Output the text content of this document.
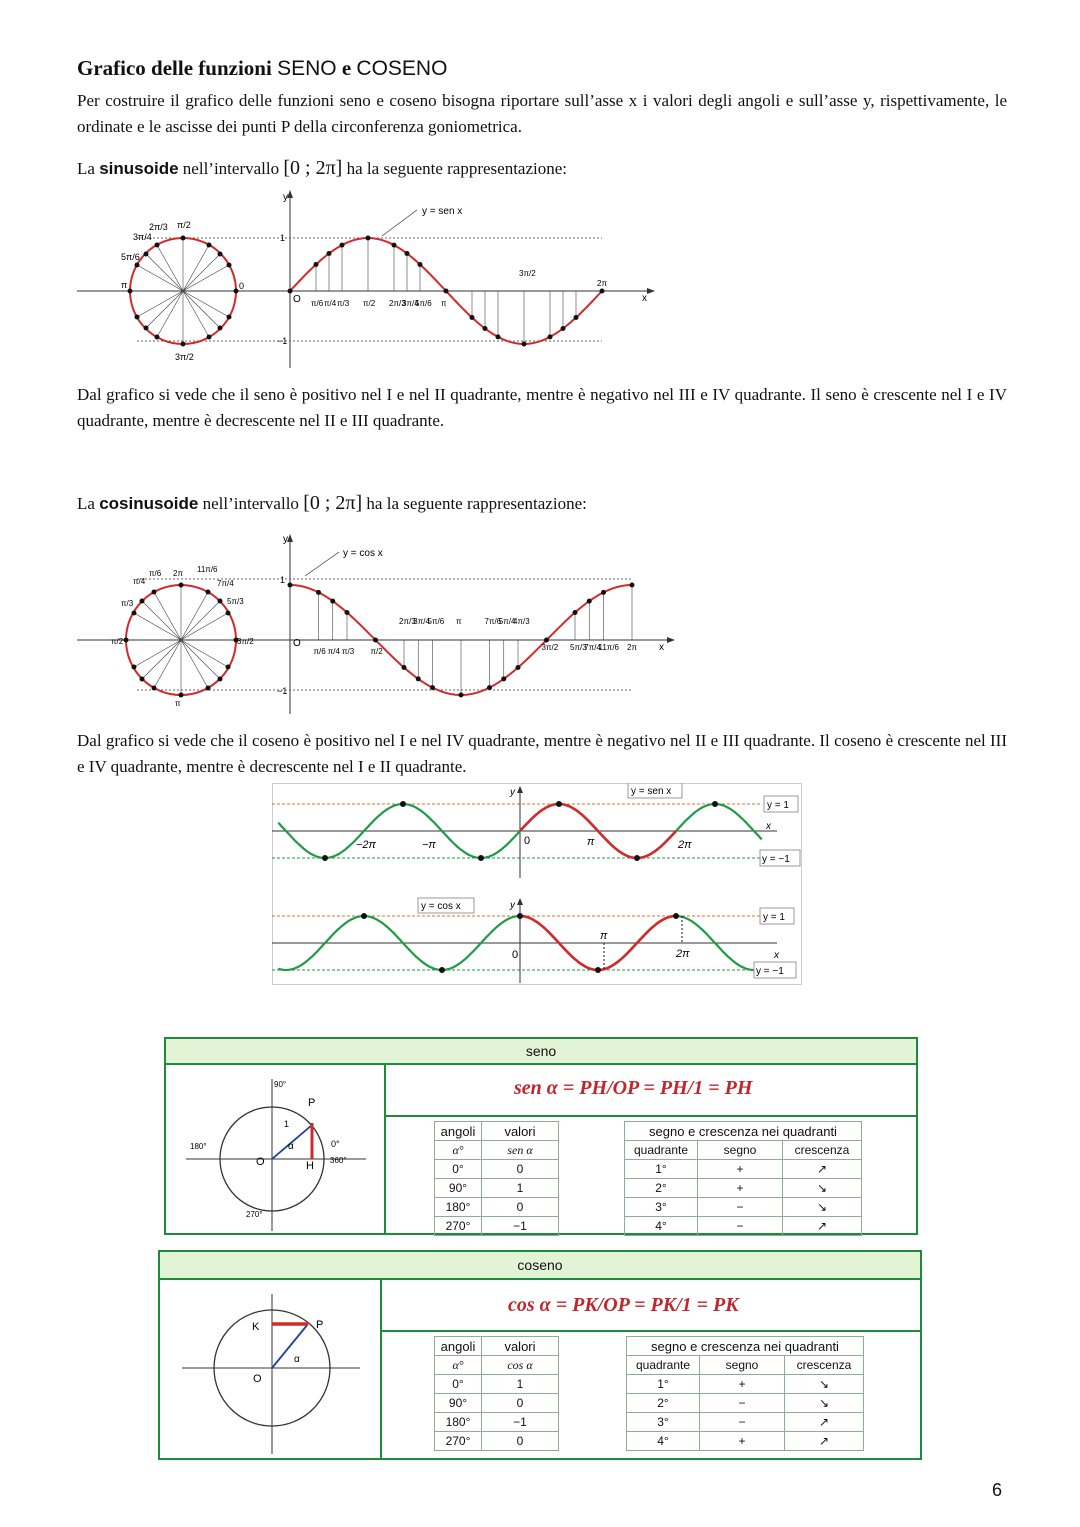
Grafico delle funzioni SENO e COSENO
Per costruire il grafico delle funzioni seno e coseno bisogna riportare sull’asse x i valori degli angoli e sull’asse y, rispettivamente, le ordinate e le ascisse dei punti P della circonferenza goniometrica.
La sinusoide nell’intervallo [0 ; 2π] ha la seguente rappresentazione:
y
x
1
−1
0
π/2
2π/3
3π/4
5π/6
π
3π/2
O π/6 π/4 π/3 π/2 2π/3
3π/4
5π/6 π
3π/2
2π
y = sen x
Dal grafico si vede che il seno è positivo nel I e nel II quadrante, mentre è negativo nel III e IV quadrante. Il seno è crescente nel I e IV quadrante, mentre è decrescente nel II e III quadrante.
La cosinusoide nell’intervallo [0 ; 2π] ha la seguente rappresentazione:
y
x
1
−1
π/6
π/4
π/3
π/2
2π 11π/6
7π/4
5π/3
3π/2
π
O
2π/3
3π/4
5π/6 π	7π/6
5π/4
4π/3
π/6 π/4 π/3 π/2	3π/2 5π/3
7π/4
11π/6 2π
y = cos x
Dal grafico si vede che il coseno è positivo nel I e nel IV quadrante, mentre è negativo nel II e III quadrante. Il coseno è crescente nel III e IV quadrante, mentre è decrescente nel I e II quadrante.
y
x
−2π	−π	0	π	2π
y = sen x
y = 1
y = −1
y
x
0
π
2π
y = cos x
y = 1
y = −1
seno
90°
180°
270°
0°
360°
P
O	H
1
α
sen α = PH/OP = PH/1 = PH
angoli	valori
α°	sen α
0°	0
90°	1
180°	0
270°	−1
segno e crescenza nei quadranti		
quadrante	segno	crescenza
1°	+	↗
2°	+	↘
3°	−	↘
4°	−	↗
coseno
K	P
O
α
cos α = PK/OP = PK/1 = PK
angoli	valori
α°	cos α
0°	1
90°	0
180°	−1
270°	0
segno e crescenza nei quadranti		
quadrante	segno	crescenza
1°	+	↘
2°	−	↘
3°	−	↗
4°	+	↗
6
